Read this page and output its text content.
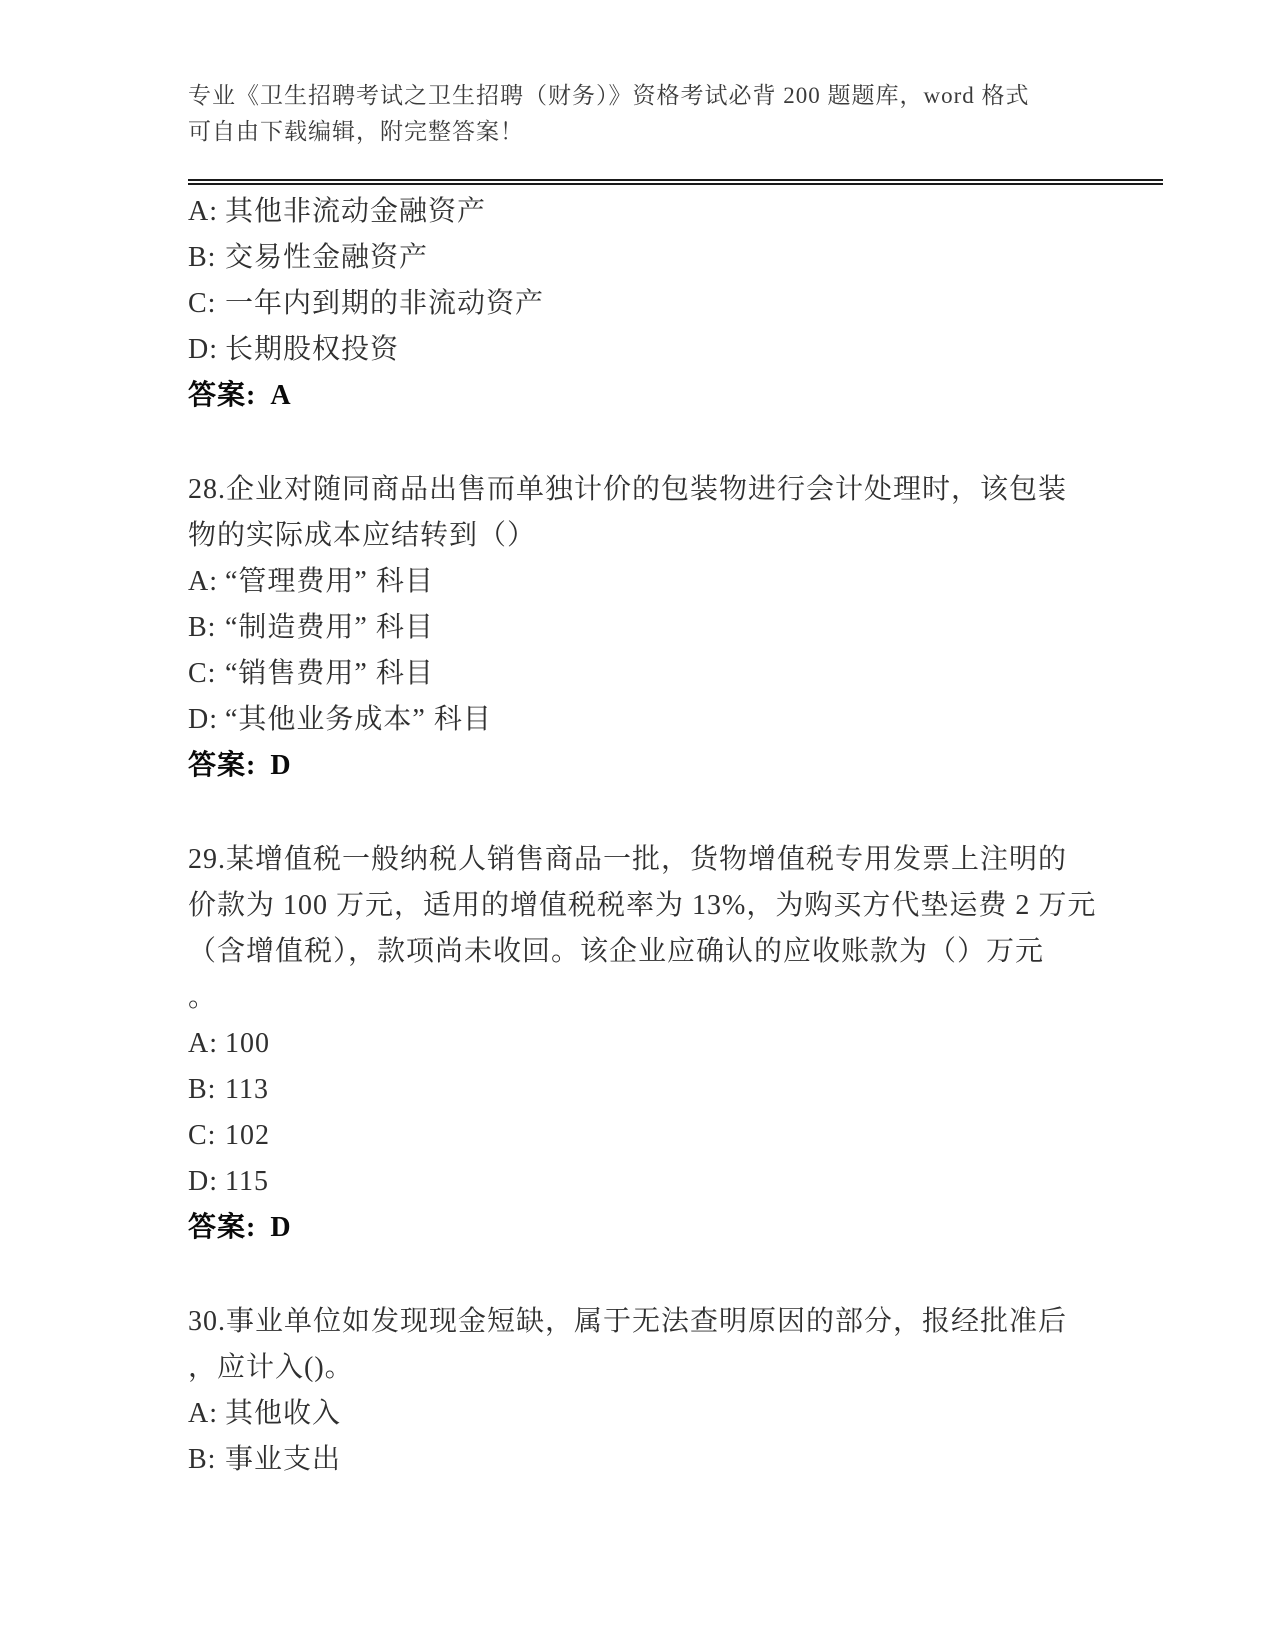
专业《卫生招聘考试之卫生招聘（财务）》资格考试必背 200 题题库，word 格式
可自由下载编辑，附完整答案！
A: 其他非流动金融资产
B: 交易性金融资产
C: 一年内到期的非流动资产
D: 长期股权投资
答案: A
28.企业对随同商品出售而单独计价的包装物进行会计处理时，该包装
物的实际成本应结转到（）
A: “管理费用” 科目
B: “制造费用” 科目
C: “销售费用” 科目
D: “其他业务成本” 科目
答案: D
29.某增值税一般纳税人销售商品一批，货物增值税专用发票上注明的
价款为 100 万元，适用的增值税税率为 13%，为购买方代垫运费 2 万元
（含增值税），款项尚未收回。该企业应确认的应收账款为（）万元
。
A: 100
B: 113
C: 102
D: 115
答案: D
30.事业单位如发现现金短缺，属于无法查明原因的部分，报经批准后
，应计入()。
A: 其他收入
B: 事业支出
